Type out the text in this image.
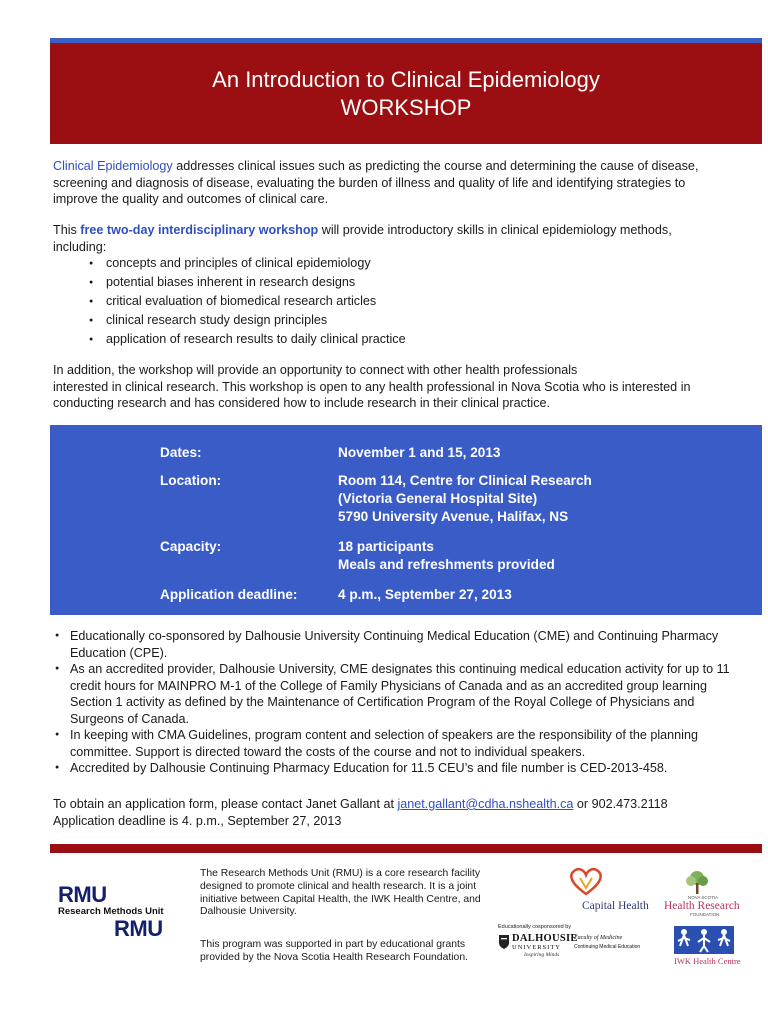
An Introduction to Clinical Epidemiology
WORKSHOP
Clinical Epidemiology addresses clinical issues such as predicting the course and determining the cause of disease, screening and diagnosis of disease, evaluating the burden of illness and quality of life and identifying strategies to improve the quality and outcomes of clinical care.
This free two-day interdisciplinary workshop will provide introductory skills in clinical epidemiology methods, including:
● concepts and principles of clinical epidemiology
● potential biases inherent in research designs
● critical evaluation of biomedical research articles
● clinical research study design principles
● application of research results to daily clinical practice
In addition, the workshop will provide an opportunity to connect with other health professionals
interested in clinical research. This workshop is open to any health professional in Nova Scotia who is interested in conducting research and has considered how to include research in their clinical practice.
Dates:	November 1 and 15, 2013
Location:	Room 114, Centre for Clinical Research
(Victoria General Hospital Site)
5790 University Avenue, Halifax, NS
Capacity:	18 participants
Meals and refreshments provided
Application deadline:	4 p.m., September 27, 2013
● Educationally co-sponsored by Dalhousie University Continuing Medical Education (CME) and Continuing Pharmacy Education (CPE).
● As an accredited provider, Dalhousie University, CME designates this continuing medical education activity for up to 11 credit hours for MAINPRO M-1 of the College of Family Physicians of Canada and as an accredited group learning Section 1 activity as defined by the Maintenance of Certification Program of the Royal College of Physicians and Surgeons of Canada.
● In keeping with CMA Guidelines, program content and selection of speakers are the responsibility of the planning committee. Support is directed toward the costs of the course and not to individual speakers.
● Accredited by Dalhousie Continuing Pharmacy Education for 11.5 CEU’s and file number is CED-2013-458.
To obtain an application form, please contact Janet Gallant at janet.gallant@cdha.nshealth.ca or 902.473.2118
Application deadline is 4. p.m., September 27, 2013
RMU
Research Methods Unit
RMU
The Research Methods Unit (RMU) is a core research facility designed to promote clinical and health research. It is a joint initiative between Capital Health, the IWK Health Centre, and Dalhousie University.
This program was supported in part by educational grants provided by the Nova Scotia Health Research Foundation.
Capital Health
NOVA SCOTIA
Health Research
FOUNDATION
Educationally cosponsored by
DALHOUSIE
UNIVERSITY
Inspiring Minds
Faculty of Medicine
Continuing Medical Education
IWK Health Centre
